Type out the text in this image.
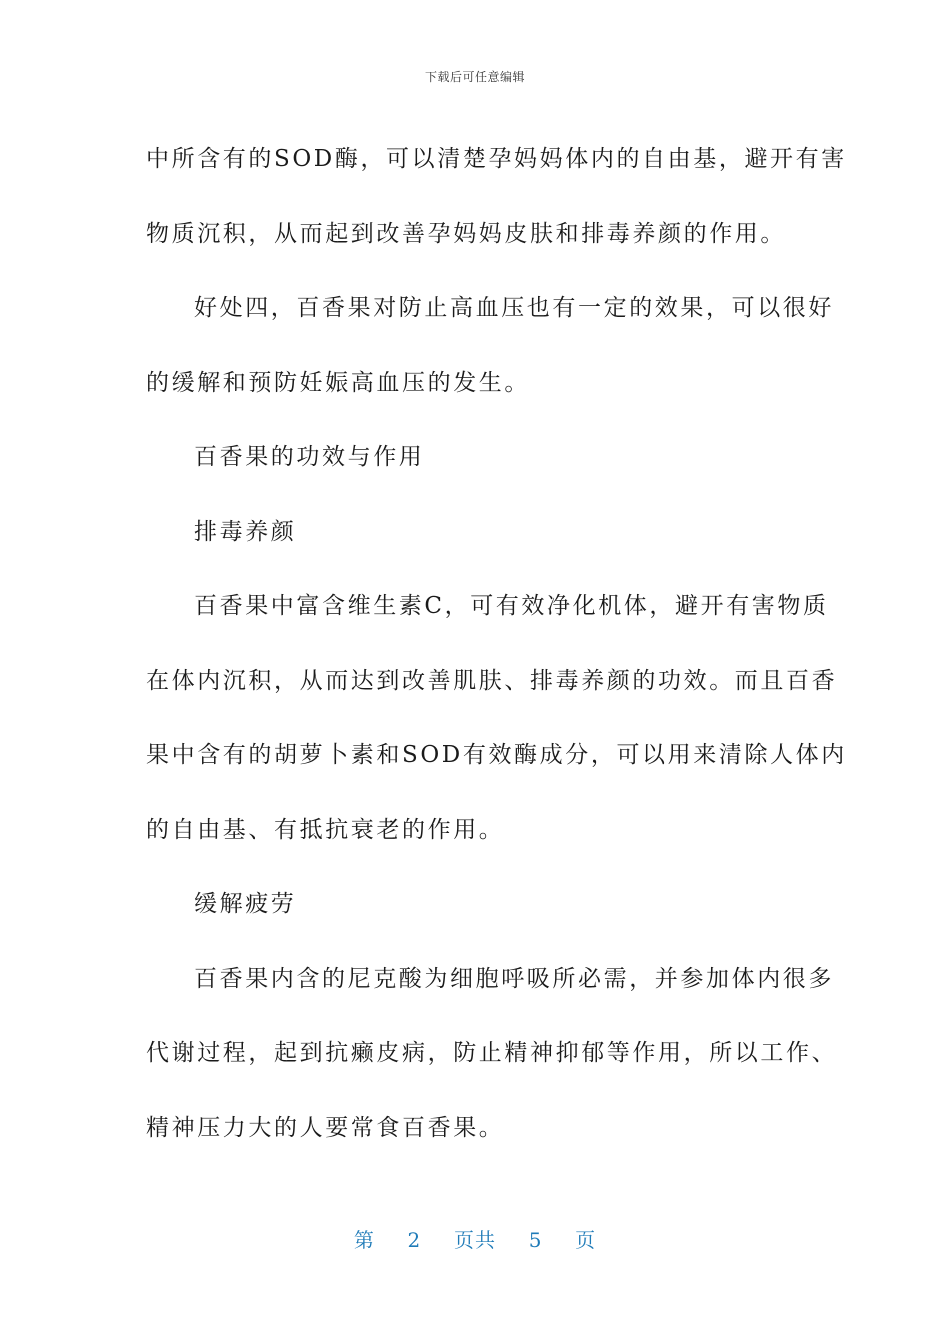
下载后可任意编辑
中所含有的SOD酶，可以清楚孕妈妈体内的自由基，避开有害
物质沉积，从而起到改善孕妈妈皮肤和排毒养颜的作用。
好处四，百香果对防止高血压也有一定的效果，可以很好
的缓解和预防妊娠高血压的发生。
百香果的功效与作用
排毒养颜
百香果中富含维生素C，可有效净化机体，避开有害物质
在体内沉积，从而达到改善肌肤、排毒养颜的功效。而且百香
果中含有的胡萝卜素和SOD有效酶成分，可以用来清除人体内
的自由基、有抵抗衰老的作用。
缓解疲劳
百香果内含的尼克酸为细胞呼吸所必需，并参加体内很多
代谢过程，起到抗癞皮病，防止精神抑郁等作用，所以工作、
精神压力大的人要常食百香果。
第 2 页共 5 页
